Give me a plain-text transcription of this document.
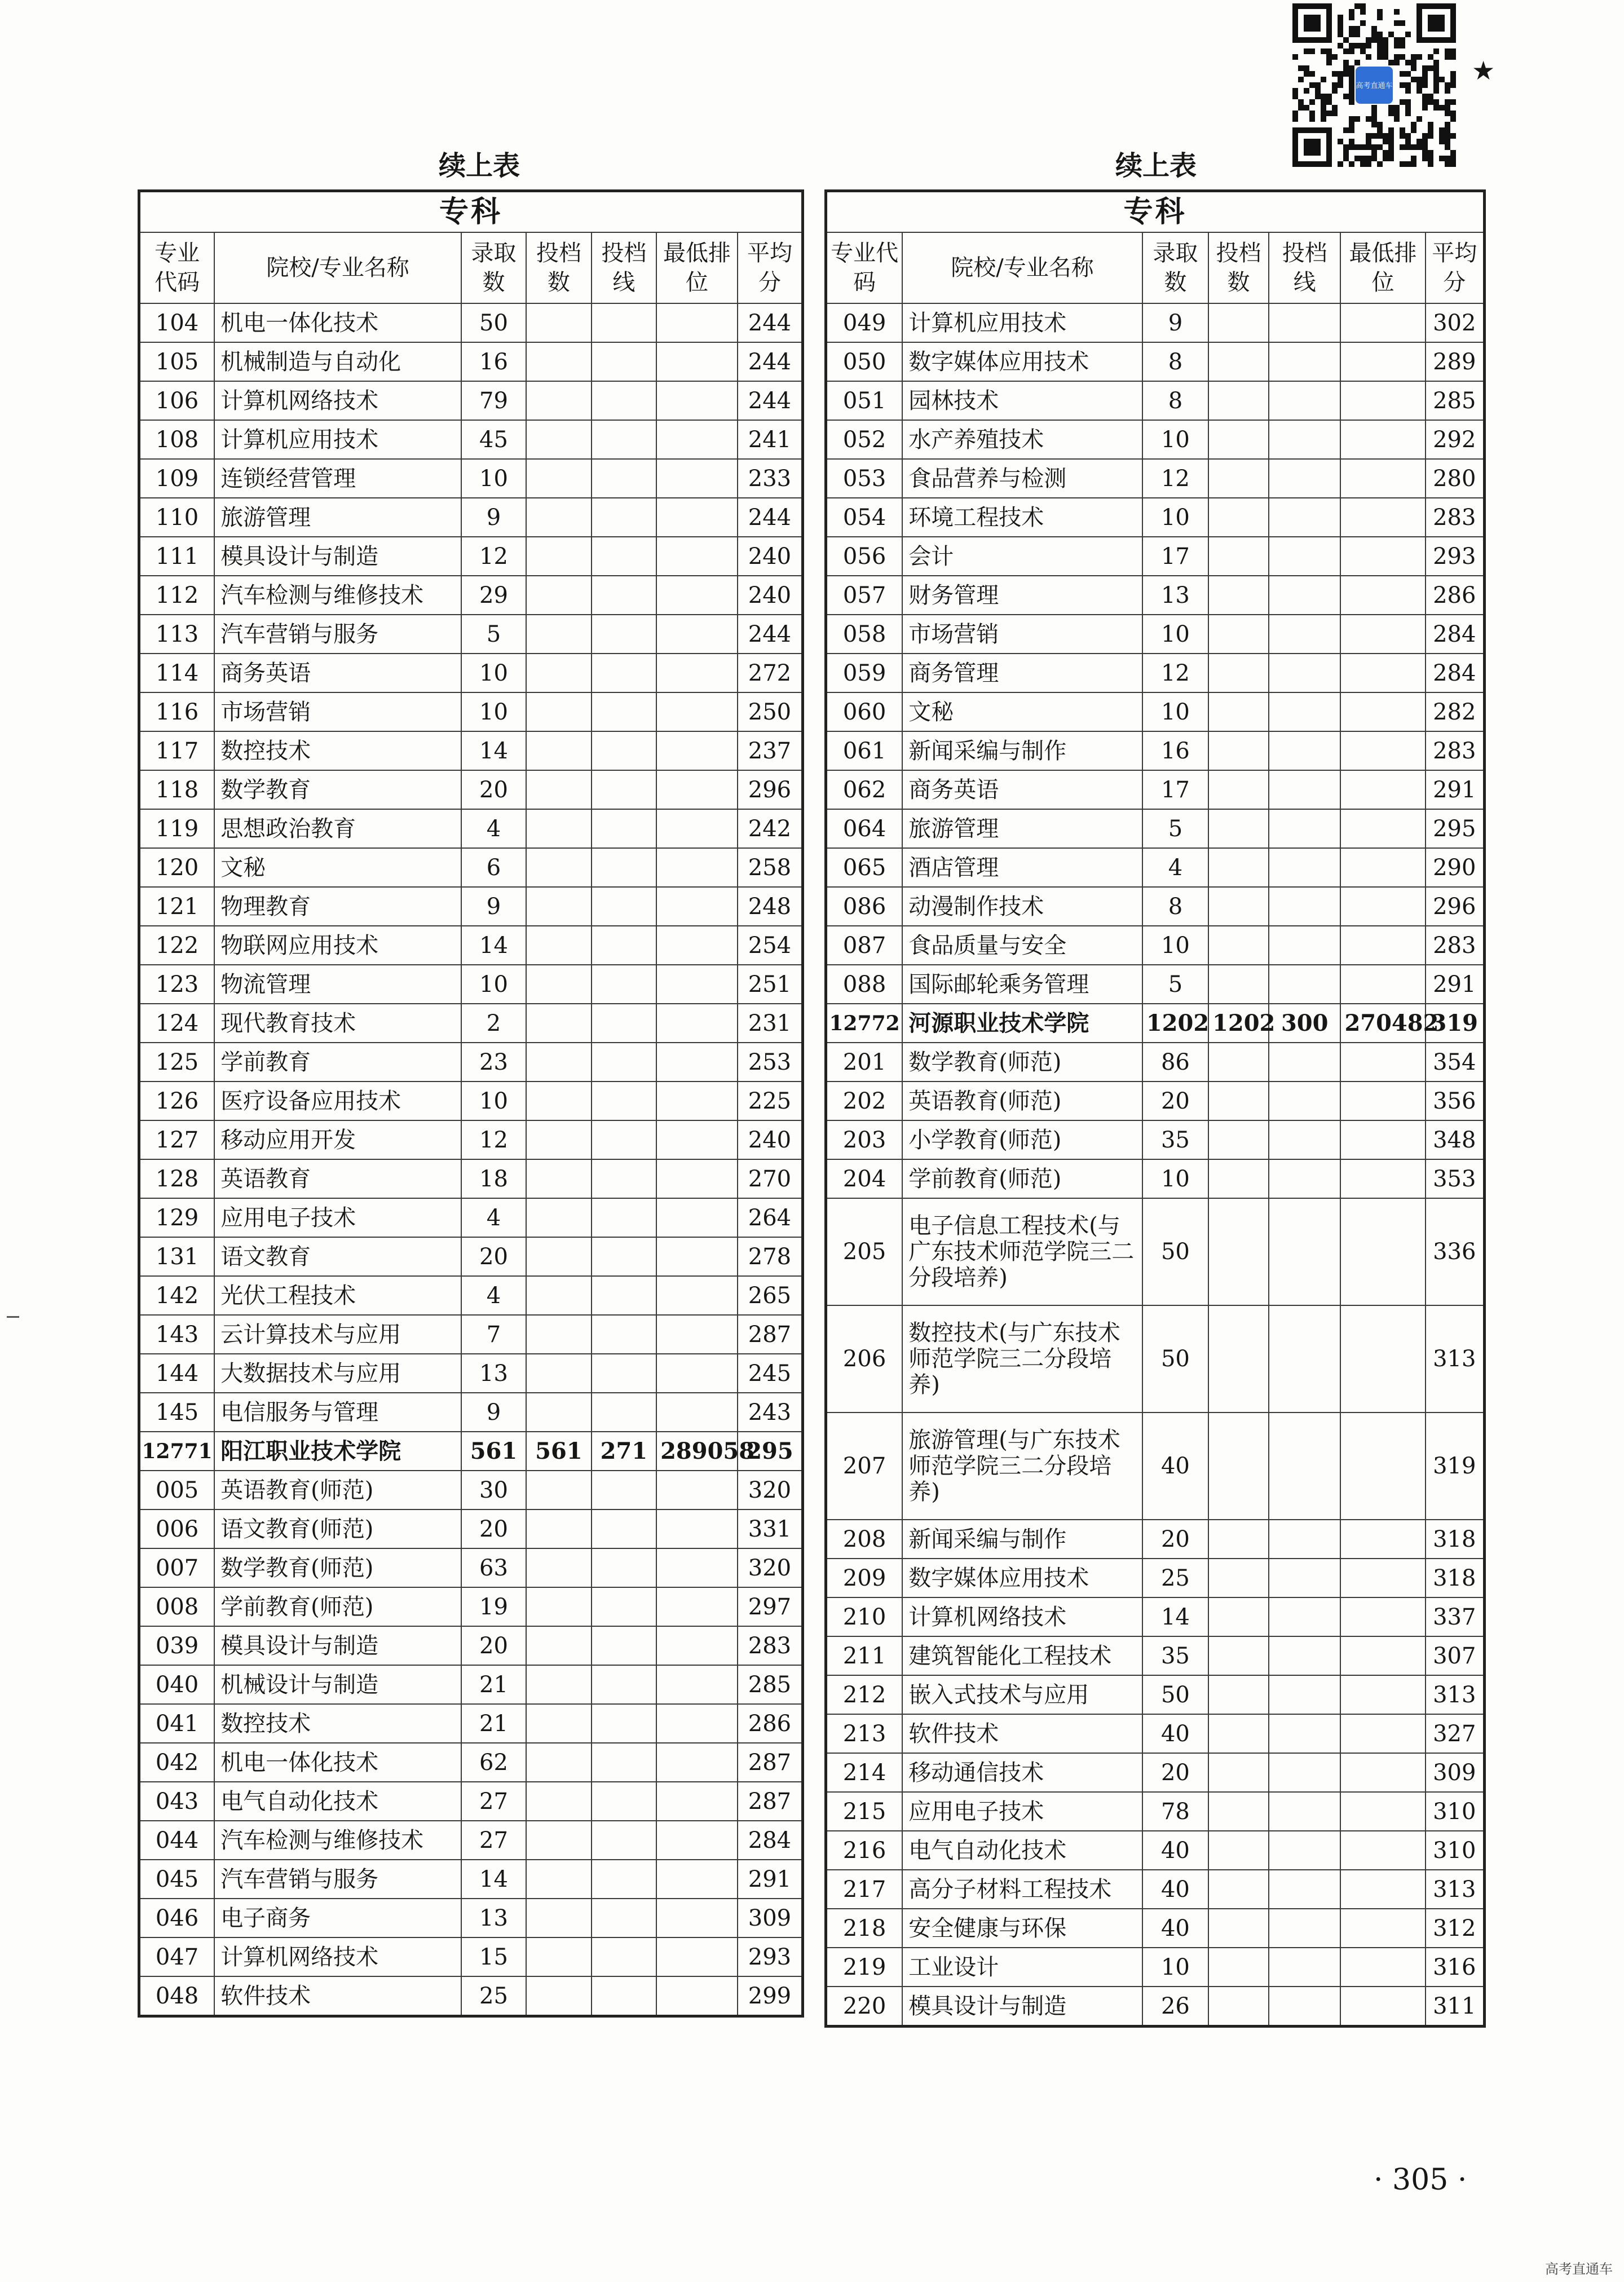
高考直通车
★
续上表	续上表
专科						
专业代码	院校/专业名称	录取数	投档数	投档线	最低排位	平均分
104	机电一体化技术	50				244
105	机械制造与自动化	16				244
106	计算机网络技术	79				244
108	计算机应用技术	45				241
109	连锁经营管理	10				233
110	旅游管理	9				244
111	模具设计与制造	12				240
112	汽车检测与维修技术	29				240
113	汽车营销与服务	5				244
114	商务英语	10				272
116	市场营销	10				250
117	数控技术	14				237
118	数学教育	20				296
119	思想政治教育	4				242
120	文秘	6				258
121	物理教育	9				248
122	物联网应用技术	14				254
123	物流管理	10				251
124	现代教育技术	2				231
125	学前教育	23				253
126	医疗设备应用技术	10				225
127	移动应用开发	12				240
128	英语教育	18				270
129	应用电子技术	4				264
131	语文教育	20				278
142	光伏工程技术	4				265
143	云计算技术与应用	7				287
144	大数据技术与应用	13				245
145	电信服务与管理	9				243
12771	阳江职业技术学院	561	561	271	289058	295
005	英语教育(师范)	30				320
006	语文教育(师范)	20				331
007	数学教育(师范)	63				320
008	学前教育(师范)	19				297
039	模具设计与制造	20				283
040	机械设计与制造	21				285
041	数控技术	21				286
042	机电一体化技术	62				287
043	电气自动化技术	27				287
044	汽车检测与维修技术	27				284
045	汽车营销与服务	14				291
046	电子商务	13				309
047	计算机网络技术	15				293
048	软件技术	25				299
专科						
专业代码	院校/专业名称	录取数	投档数	投档线	最低排位	平均分
049	计算机应用技术	9				302
050	数字媒体应用技术	8				289
051	园林技术	8				285
052	水产养殖技术	10				292
053	食品营养与检测	12				280
054	环境工程技术	10				283
056	会计	17				293
057	财务管理	13				286
058	市场营销	10				284
059	商务管理	12				284
060	文秘	10				282
061	新闻采编与制作	16				283
062	商务英语	17				291
064	旅游管理	5				295
065	酒店管理	4				290
086	动漫制作技术	8				296
087	食品质量与安全	10				283
088	国际邮轮乘务管理	5				291
12772	河源职业技术学院	1202	1202	300	270482	319
201	数学教育(师范)	86				354
202	英语教育(师范)	20				356
203	小学教育(师范)	35				348
204	学前教育(师范)	10				353
205	电子信息工程技术(与广东技术师范学院三二分段培养)	50				336
206	数控技术(与广东技术师范学院三二分段培养)	50				313
207	旅游管理(与广东技术师范学院三二分段培养)	40				319
208	新闻采编与制作	20				318
209	数字媒体应用技术	25				318
210	计算机网络技术	14				337
211	建筑智能化工程技术	35				307
212	嵌入式技术与应用	50				313
213	软件技术	40				327
214	移动通信技术	20				309
215	应用电子技术	78				310
216	电气自动化技术	40				310
217	高分子材料工程技术	40				313
218	安全健康与环保	40				312
219	工业设计	10				316
220	模具设计与制造	26				311
· 305 ·
高考直通车
